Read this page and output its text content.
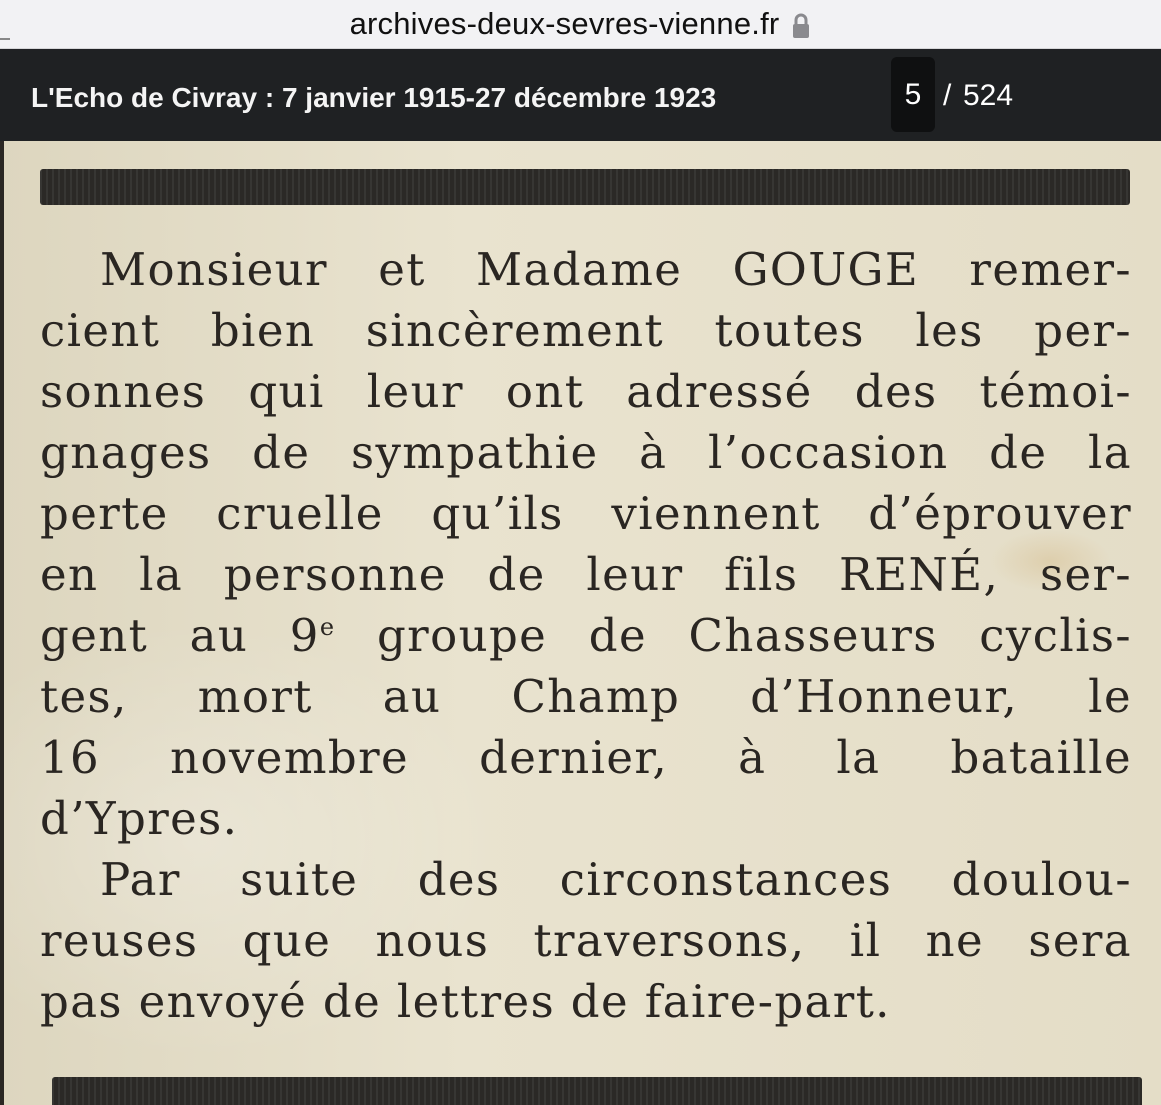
archives-deux-sevres-vienne.fr
L'Echo de Civray : 7 janvier 1915-27 décembre 1923	5 / 524
Monsieur et Madame GOUGE remer-
cient bien sincèrement toutes les per-
sonnes qui leur ont adressé des témoi-
gnages de sympathie à l’occasion de la
perte cruelle qu’ils viennent d’éprouver
en la personne de leur fils RENÉ, ser-
gent au 9e groupe de Chasseurs cyclis-
tes, mort au Champ d’Honneur, le
16 novembre dernier, à la bataille
d’Ypres.
Par suite des circonstances doulou-
reuses que nous traversons, il ne sera
pas envoyé de lettres de faire-part.
